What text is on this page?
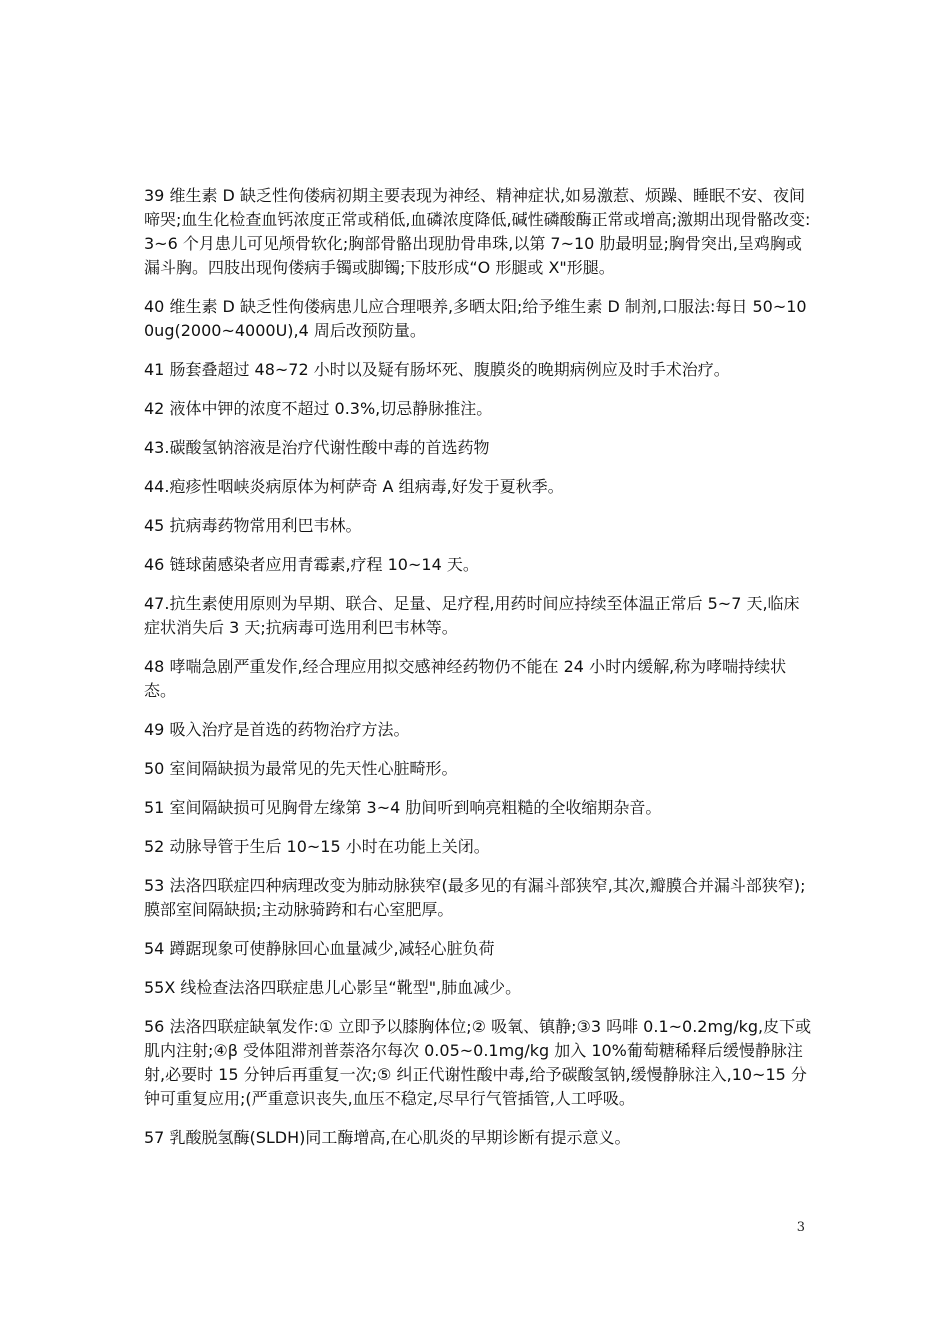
39 维生素 D 缺乏性佝偻病初期主要表现为神经、精神症状,如易激惹、烦躁、睡眠不安、夜间啼哭;血生化检查血钙浓度正常或稍低,血磷浓度降低,碱性磷酸酶正常或增高;激期出现骨骼改变:3~6 个月患儿可见颅骨软化;胸部骨骼出现肋骨串珠,以第 7~10 肋最明显;胸骨突出,呈鸡胸或漏斗胸。四肢出现佝偻病手镯或脚镯;下肢形成“O 形腿或 X"形腿。

40 维生素 D 缺乏性佝偻病患儿应合理喂养,多晒太阳;给予维生素 D 制剂,口服法:每日 50~100ug(2000~4000U),4 周后改预防量。

41 肠套叠超过 48~72 小时以及疑有肠坏死、腹膜炎的晚期病例应及时手术治疗。

42 液体中钾的浓度不超过 0.3%,切忌静脉推注。

43.碳酸氢钠溶液是治疗代谢性酸中毒的首选药物

44.疱疹性咽峡炎病原体为柯萨奇 A 组病毒,好发于夏秋季。

45 抗病毒药物常用利巴韦林。

46 链球菌感染者应用青霉素,疗程 10~14 天。

47.抗生素使用原则为早期、联合、足量、足疗程,用药时间应持续至体温正常后 5~7 天,临床症状消失后 3 天;抗病毒可选用利巴韦林等。

48 哮喘急剧严重发作,经合理应用拟交感神经药物仍不能在 24 小时内缓解,称为哮喘持续状态。

49 吸入治疗是首选的药物治疗方法。

50 室间隔缺损为最常见的先天性心脏畸形。

51 室间隔缺损可见胸骨左缘第 3~4 肋间听到响亮粗糙的全收缩期杂音。

52 动脉导管于生后 10~15 小时在功能上关闭。

53 法洛四联症四种病理改变为肺动脉狭窄(最多见的有漏斗部狭窄,其次,瓣膜合并漏斗部狭窄);膜部室间隔缺损;主动脉骑跨和右心室肥厚。

54 蹲踞现象可使静脉回心血量减少,减轻心脏负荷

55X 线检查法洛四联症患儿心影呈“靴型",肺血减少。

56 法洛四联症缺氧发作:① 立即予以膝胸体位;② 吸氧、镇静;③3 吗啡 0.1~0.2mg/kg,皮下或肌内注射;④β 受体阻滞剂普萘洛尔每次 0.05~0.1mg/kg 加入 10%葡萄糖稀释后缓慢静脉注射,必要时 15 分钟后再重复一次;⑤ 纠正代谢性酸中毒,给予碳酸氢钠,缓慢静脉注入,10~15 分钟可重复应用;(严重意识丧失,血压不稳定,尽早行气管插管,人工呼吸。

57 乳酸脱氢酶(SLDH)同工酶增高,在心肌炎的早期诊断有提示意义。

3
